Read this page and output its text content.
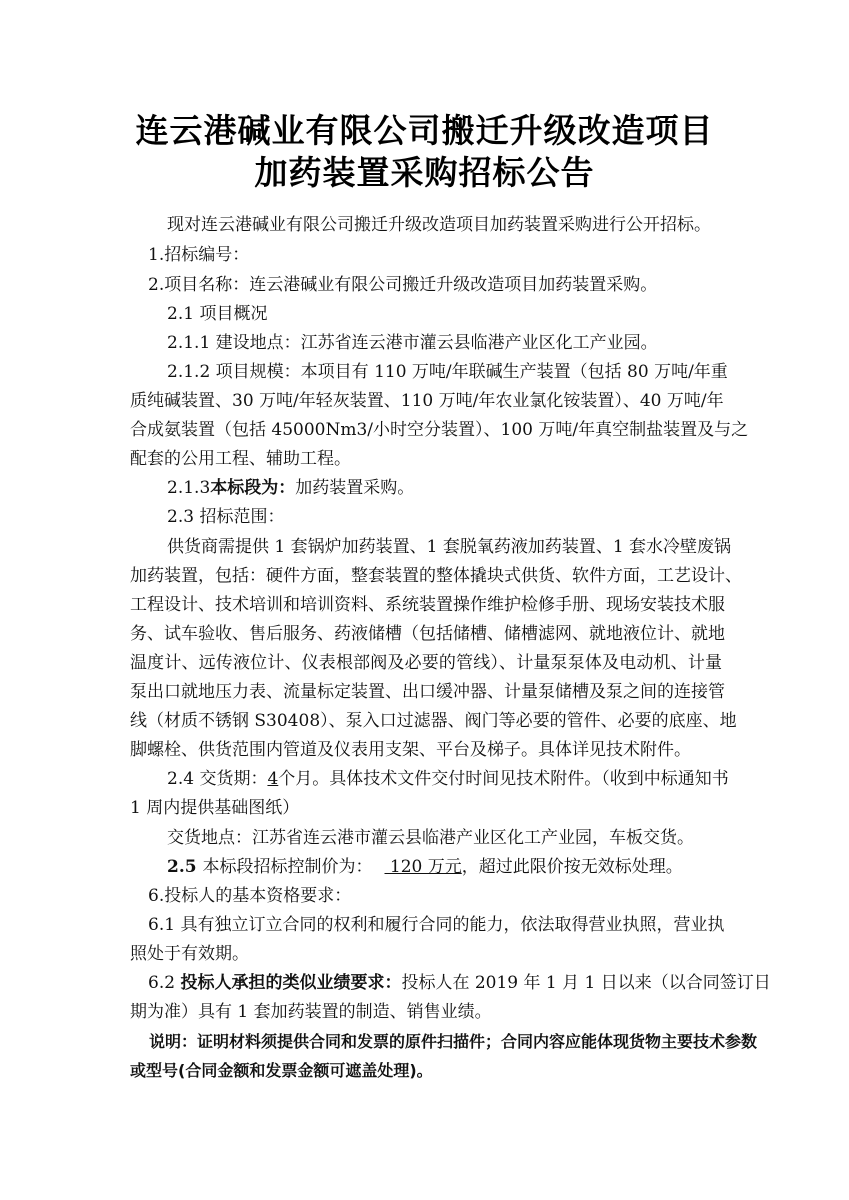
连云港碱业有限公司搬迁升级改造项目
加药装置采购招标公告
现对连云港碱业有限公司搬迁升级改造项目加药装置采购进行公开招标。
1.招标编号：
2.项目名称：连云港碱业有限公司搬迁升级改造项目加药装置采购。
2.1 项目概况
2.1.1 建设地点：江苏省连云港市灌云县临港产业区化工产业园。
2.1.2 项目规模：本项目有 110 万吨/年联碱生产装置（包括 80 万吨/年重
质纯碱装置、30 万吨/年轻灰装置、110 万吨/年农业氯化铵装置）、40 万吨/年
合成氨装置（包括 45000Nm3/小时空分装置）、100 万吨/年真空制盐装置及与之
配套的公用工程、辅助工程。
2.1.3本标段为：加药装置采购。
2.3 招标范围：
供货商需提供 1 套锅炉加药装置、1 套脱氧药液加药装置、1 套水冷壁废锅
加药装置，包括：硬件方面，整套装置的整体撬块式供货、软件方面，工艺设计、
工程设计、技术培训和培训资料、系统装置操作维护检修手册、现场安装技术服
务、试车验收、售后服务、药液储槽（包括储槽、储槽滤网、就地液位计、就地
温度计、远传液位计、仪表根部阀及必要的管线）、计量泵泵体及电动机、计量
泵出口就地压力表、流量标定装置、出口缓冲器、计量泵储槽及泵之间的连接管
线（材质不锈钢 S30408）、泵入口过滤器、阀门等必要的管件、必要的底座、地
脚螺栓、供货范围内管道及仪表用支架、平台及梯子。具体详见技术附件。
2.4 交货期：4个月。具体技术文件交付时间见技术附件。（收到中标通知书
1 周内提供基础图纸）
交货地点：江苏省连云港市灌云县临港产业区化工产业园，车板交货。
2.5 本标段招标控制价为： 120 万元，超过此限价按无效标处理。
6.投标人的基本资格要求：
6.1 具有独立订立合同的权利和履行合同的能力，依法取得营业执照，营业执
照处于有效期。
6.2 投标人承担的类似业绩要求：投标人在 2019 年 1 月 1 日以来（以合同签订日
期为准）具有 1 套加药装置的制造、销售业绩。
说明：证明材料须提供合同和发票的原件扫描件；合同内容应能体现货物主要技术参数
或型号(合同金额和发票金额可遮盖处理)。
